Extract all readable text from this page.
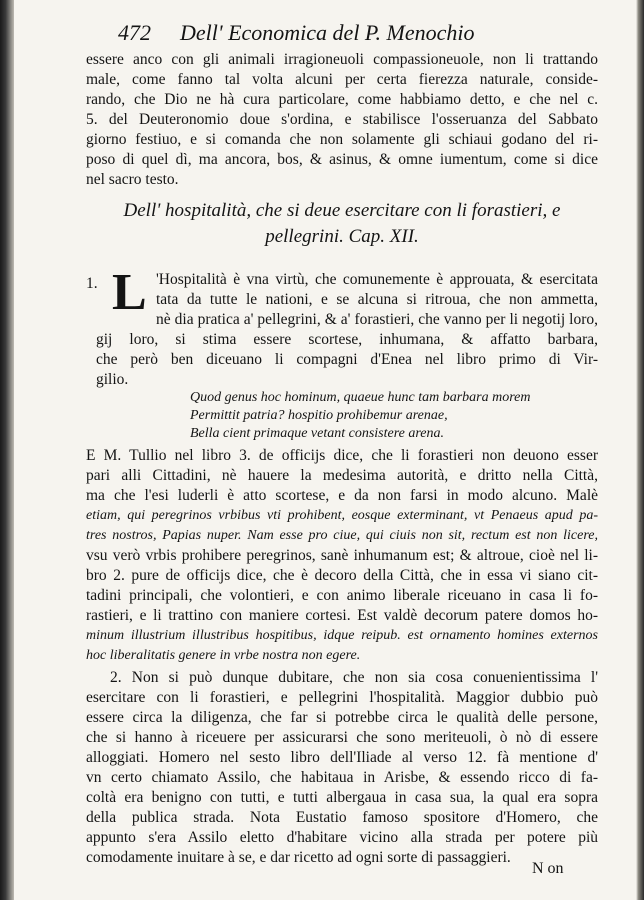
472 Dell' Economica del P. Menochio
essere anco con gli animali irragioneuoli compassioneuole, non li trattando
male, come fanno tal volta alcuni per certa fierezza naturale, conside-
rando, che Dio ne hà cura particolare, come habbiamo detto, e che nel c.
5. del Deuteronomio doue s'ordina, e stabilisce l'osseruanza del Sabbato
giorno festiuo, e si comanda che non solamente gli schiaui godano del ri-
poso di quel dì, ma ancora, bos, & asinus, & omne iumentum, come si dice
nel sacro testo.
Dell' hospitalità, che si deue esercitare con li forastieri, e
pellegrini. Cap. XII.
1. L 'Hospitalità è vna virtù, che comunemente è approuata, & esercitata
tata da tutte le nationi, e se alcuna si ritroua, che non ammetta,
nè dia pratica a' pellegrini, & a' forastieri, che vanno per li negotij loro,
gij loro, si stima essere scortese, inhumana, & affatto barbara,
che però ben diceuano li compagni d'Enea nel libro primo di Vir-
gilio.
Quod genus hoc hominum, quaeue hunc tam barbara morem
Permittit patria? hospitio prohibemur arenae,
Bella cient primaque vetant consistere arena.
E M. Tullio nel libro 3. de officijs dice, che li forastieri non deuono esser
pari alli Cittadini, nè hauere la medesima autorità, e dritto nella Città,
ma che l'esi luderli è atto scortese, e da non farsi in modo alcuno. Malè
etiam, qui peregrinos vrbibus vti prohibent, eosque exterminant, vt Penaeus apud pa-
tres nostros, Papias nuper. Nam esse pro ciue, qui ciuis non sit, rectum est non licere,
vsu verò vrbis prohibere peregrinos, sanè inhumanum est; & altroue, cioè nel li-
bro 2. pure de officijs dice, che è decoro della Città, che in essa vi siano cit-
tadini principali, che volontieri, e con animo liberale riceuano in casa li fo-
rastieri, e li trattino con maniere cortesi. Est valdè decorum patere domos ho-
minum illustrium illustribus hospitibus, idque reipub. est ornamento homines externos
hoc liberalitatis genere in vrbe nostra non egere.
2. Non si può dunque dubitare, che non sia cosa conuenientissima l'
esercitare con li forastieri, e pellegrini l'hospitalità. Maggior dubbio può
essere circa la diligenza, che far si potrebbe circa le qualità delle persone,
che si hanno à riceuere per assicurarsi che sono meriteuoli, ò nò di essere
alloggiati. Homero nel sesto libro dell'Iliade al verso 12. fà mentione d'
vn certo chiamato Assilo, che habitaua in Arisbe, & essendo ricco di fa-
coltà era benigno con tutti, e tutti albergaua in casa sua, la qual era sopra
della publica strada. Nota Eustatio famoso spositore d'Homero, che
appunto s'era Assilo eletto d'habitare vicino alla strada per potere più
comodamente inuitare à se, e dar ricetto ad ogni sorte di passaggieri.
N on
